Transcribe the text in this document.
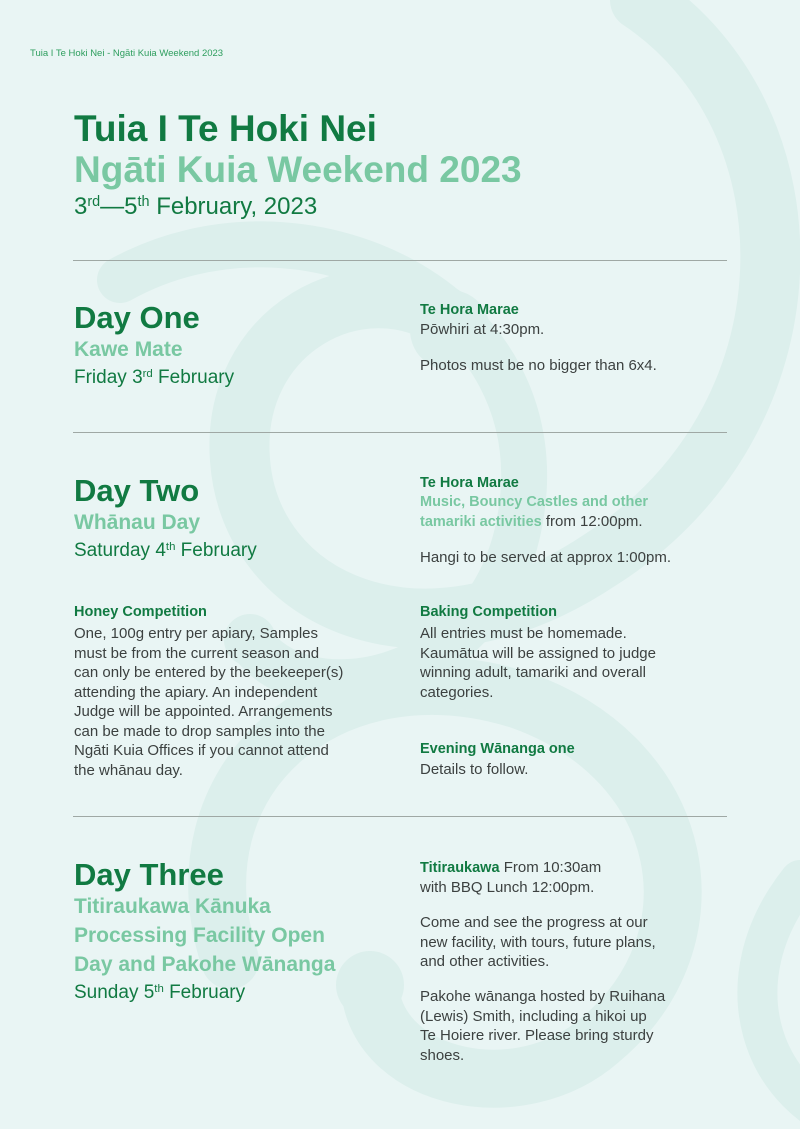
Tuia I Te Hoki Nei - Ngāti Kuia Weekend 2023
Tuia I Te Hoki Nei
Ngāti Kuia Weekend 2023
3rd—5th February, 2023
Day One
Kawe Mate
Friday 3rd February
Te Hora Marae
Pōwhiri at 4:30pm.
Photos must be no bigger than 6x4.
Day Two
Whānau Day
Saturday 4th February
Te Hora Marae
Music, Bouncy Castles and other
tamariki activities from 12:00pm.
Hangi to be served at approx 1:00pm.
Honey Competition
One, 100g entry per apiary, Samples
must be from the current season and
can only be entered by the beekeeper(s)
attending the apiary. An independent
Judge will be appointed. Arrangements
can be made to drop samples into the
Ngāti Kuia Offices if you cannot attend
the whānau day.
Baking Competition
All entries must be homemade.
Kaumātua will be assigned to judge
winning adult, tamariki and overall
categories.
Evening Wānanga one
Details to follow.
Day Three
Titiraukawa Kānuka
Processing Facility Open
Day and Pakohe Wānanga
Sunday 5th February
Titiraukawa From 10:30am
with BBQ Lunch 12:00pm.
Come and see the progress at our
new facility, with tours, future plans,
and other activities.
Pakohe wānanga hosted by Ruihana
(Lewis) Smith, including a hikoi up
Te Hoiere river. Please bring sturdy
shoes.
